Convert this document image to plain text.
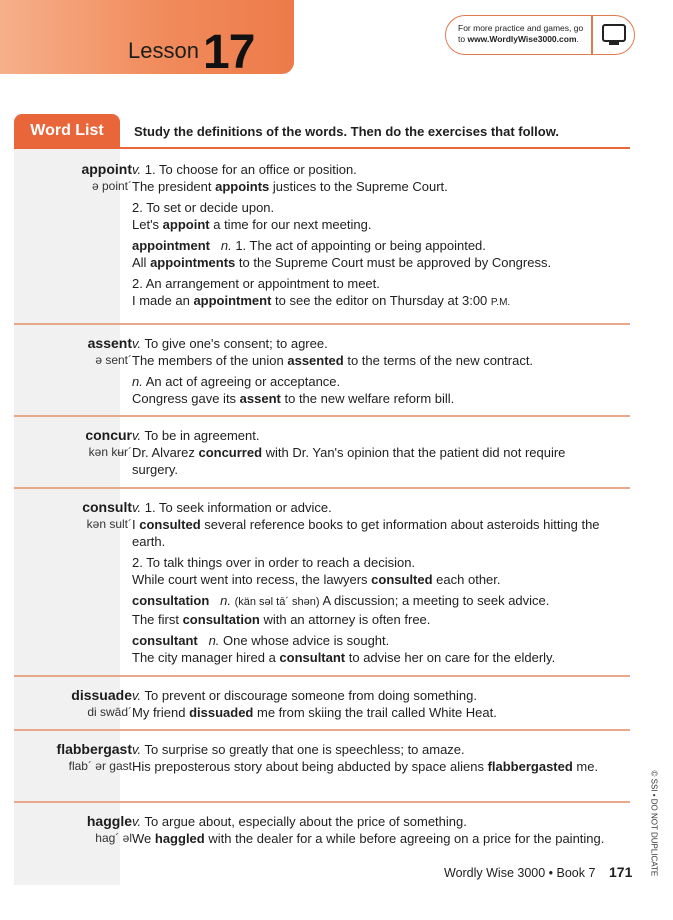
Lesson 17	For more practice and games, go
to www.WordlyWise3000.com.
Word List	Study the definitions of the words. Then do the exercises that follow.
appoint
ə point´
v. 1. To choose for an office or position.
The president appoints justices to the Supreme Court.
2. To set or decide upon.
Let's appoint a time for our next meeting.
appointment n. 1. The act of appointing or being appointed.
All appointments to the Supreme Court must be approved by Congress.
2. An arrangement or appointment to meet.
I made an appointment to see the editor on Thursday at 3:00 P.M.
assent
ə sent´
v. To give one's consent; to agree.
The members of the union assented to the terms of the new contract.
n. An act of agreeing or acceptance.
Congress gave its assent to the new welfare reform bill.
concur
kən kʉr´
v. To be in agreement.
Dr. Alvarez concurred with Dr. Yan's opinion that the patient did not require surgery.
consult
kən sult´
v. 1. To seek information or advice.
I consulted several reference books to get information about asteroids hitting the earth.
2. To talk things over in order to reach a decision.
While court went into recess, the lawyers consulted each other.
consultation n. (kän səl tā´ shən) A discussion; a meeting to seek advice.
The first consultation with an attorney is often free.
consultant n. One whose advice is sought.
The city manager hired a consultant to advise her on care for the elderly.
dissuade
di swād´
v. To prevent or discourage someone from doing something.
My friend dissuaded me from skiing the trail called White Heat.
flabbergast
flab´ ər gast
v. To surprise so greatly that one is speechless; to amaze.
His preposterous story about being abducted by space aliens flabbergasted me.
haggle
hag´ əl
v. To argue about, especially about the price of something.
We haggled with the dealer for a while before agreeing on a price for the painting.
Wordly Wise 3000 • Book 7 171 © SSI • DO NOT DUPLICATE
